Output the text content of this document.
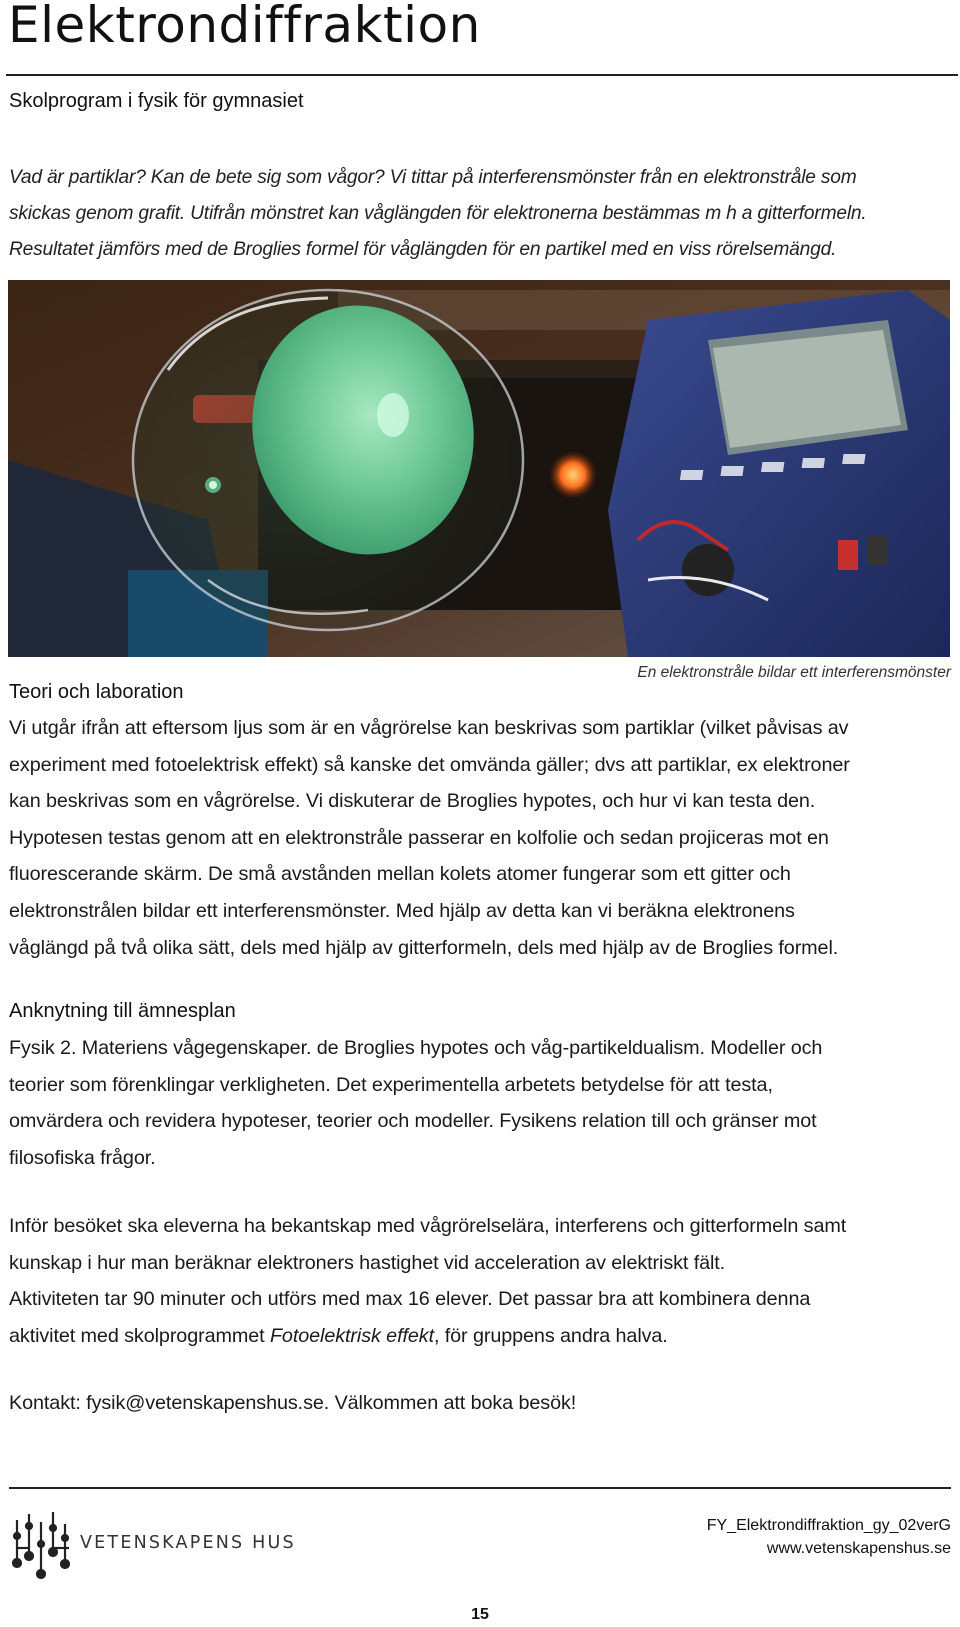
Elektrondiffraktion
Skolprogram i fysik för gymnasiet

Vad är partiklar? Kan de bete sig som vågor? Vi tittar på interferensmönster från en elektronstråle som

skickas genom grafit. Utifrån mönstret kan våglängden för elektronerna bestämmas m h a gitterformeln.

Resultatet jämförs med de Broglies formel för våglängden för en partikel med en viss rörelsemängd.

En elektronstråle bildar ett interferensmönster
Teori och laboration

Vi utgår ifrån att eftersom ljus som är en vågrörelse kan beskrivas som partiklar (vilket påvisas av

experiment med fotoelektrisk effekt) så kanske det omvända gäller; dvs att partiklar, ex elektroner

kan beskrivas som en vågrörelse. Vi diskuterar de Broglies hypotes, och hur vi kan testa den.

Hypotesen testas genom att en elektronstråle passerar en kolfolie och sedan projiceras mot en

fluorescerande skärm. De små avstånden mellan kolets atomer fungerar som ett gitter och

elektronstrålen bildar ett interferensmönster. Med hjälp av detta kan vi beräkna elektronens

våglängd på två olika sätt, dels med hjälp av gitterformeln, dels med hjälp av de Broglies formel.

Anknytning till ämnesplan

Fysik 2. Materiens vågegenskaper. de Broglies hypotes och våg-partikeldualism. Modeller och

teorier som förenklingar verkligheten. Det experimentella arbetets betydelse för att testa,

omvärdera och revidera hypoteser, teorier och modeller. Fysikens relation till och gränser mot

filosofiska frågor.

Inför besöket ska eleverna ha bekantskap med vågrörelselära, interferens och gitterformeln samt

kunskap i hur man beräknar elektroners hastighet vid acceleration av elektriskt fält.

Aktiviteten tar 90 minuter och utförs med max 16 elever. Det passar bra att kombinera denna

aktivitet med skolprogrammet Fotoelektrisk effekt, för gruppens andra halva.

Kontakt: fysik@vetenskapenshus.se. Välkommen att boka besök!

VETENSKAPENS HUS
FY_Elektrondiffraktion_gy_02verG
www.vetenskapenshus.se
15
